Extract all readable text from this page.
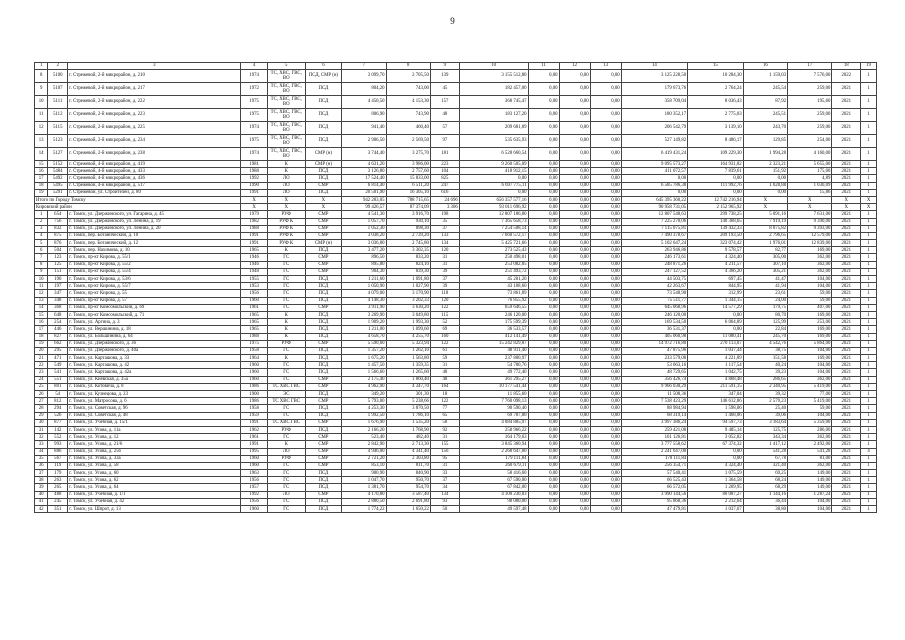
9
1	2	3	4	5	6	7	8	9	10	11	12	13	14	15	16	17	18	19
8	5100	г. Стрежевой, 2-й микрорайон, д. 210	1974	ТС, ХВС, ГВС, ВО	ПСД, СМР (н)	3 099,70	2 705,50	139	3 155 512,80	0,00	0,00	0,00	3 125 228,50	10 284,30	1 159,03	7 576,00	2022	1
9	5107	г. Стрежевой, 2-й микрорайон, д. 217	1972	ТС, ХВС, ГВС, ВО	ПСД	804,20	743,00	45	182 457,00	0,00	0,00	0,00	179 673,76	2 764,24	245,54	259,00	2021	1
10	5111	г. Стрежевой, 2-й микрорайон, д. 222	1975	ТС, ХВС, ГВС, ВО	ПСД	4 450,50	4 153,30	157	368 745,47	0,00	0,00	0,00	358 709,04	8 036,43	87,92	195,60	2021	1
11	5112	г. Стрежевой, 2-й микрорайон, д. 223	1975	ТС, ХВС, ГВС, ВО	ПСД	806,90	743,90	48	183 127,20	0,00	0,00	0,00	180 352,17	2 775,03	245,51	259,00	2021	1
12	5115	г. Стрежевой, 2-й микрорайон, д. 225	1974	ТС, ХВС, ГВС, ВО	ПСД	941,40	460,40	57	209 681,89	0,00	0,00	0,00	206 542,79	3 139,10	243,70	259,00	2021	1
13	5123	г. Стрежевой, 2-й микрорайон, д. 234	1975	ТС, ХВС, ГВС, ВО	ПСД	2 906,50	2 569,50	97	535 635,93	0,00	0,00	0,00	527 149,82	8 486,17	129,85	254,00	2021	1
14	5127	г. Стрежевой, 2-й микрорайон, д. 238	1974	ТС, ХВС, ГВС, ВО	СМР (н)	3 744,40	3 275,70	181	6 528 660,54	0,00	0,00	0,00	6 419 431,24	109 229,30	1 994,28	4 160,00	2021	1
15	5152	г. Стрежевой, 4-й микрорайон, д. 419	1981	К	СМР (н)	4 631,20	3 986,00	223	9 260 505,09	0,00	0,00	0,00	9 095 573,27	164 931,82	2 323,21	5 655,00	2021	1
16	5484	г. Стрежевой, 4-й микрорайон, д. 433	1988	К	ПСД	3 126,80	2 757,60	104	418 912,15	0,00	0,00	0,00	411 072,57	7 839,61	151,92	175,00	2021	1
17	5492	г. Стрежевой, 4-й микрорайон, д. 436	1992	ЛО	ПСД	17 524,40	15 833,00	825	0,00	0,00	0,00	0,00	0,00	0,00	0,00	4,89	2021	1
18	5495	г. Стрежевой, 4-й микрорайон, д. 517	1990	ЛО	СМР	6 814,40	6 511,20	247	6 697 775,11	0,00	0,00	0,00	6 585 786,38	111 992,76	1 028,88	1 030,09	2021	1
19	5291	г. Стрежевой, ул. Строителей, д. 80	1991	ЛО	ПСД	20 501,90	16 305,10	616	0,00	0,00	0,00	0,00	0,00	0,00	0,00	15,86	2021	1
Итого по Городу Томску			X	X	X	942 283,05	788 715,65	24 696	656 357 577,16	0,00	0,00	0,00	645 395 360,22	12 742 216,94	X	X	X	X
Кировский район			X	X	X	99 426,57	87 374,09	3 306	93 011 696,92	0,00	0,00	0,00	90 958 731,05	2 152 965,92	X	X	X	X
1	654	г. Томск, ул. Дзержинского, ул. Гагарина, д. 45	1979	РУФ	СМР	4 541,30	3 916,70	198	12 807 186,80	0,00	0,00	0,00	12 807 548,63	299 738,25	5 091,16	7 631,00	2021	1
2	756	г. Томск, ул. Дзержинского, ул. Ленина, д. 19	1982	РУФ К	СМР	1 057,70	930,10	35	7 365 658,73	0,00	0,00	0,00	7 225 270,06	140 368,65	7 919,19	9 390,00	2021	1
3	832	г. Томск, ул. Дзержинского, ул. Ленина, д. 20	1988	РУФ К	СМР	1 052,30	898,30	37	7 254 508,14	0,00	0,00	0,00	7 115 075,81	139 432,33	8 075,82	9 393,00	2021	1
4	875	г. Томск, пер. Ботанический, д. 10	1991	РУФ К	СМР	3 038,20	2 739,20	133	7 660 572,17	0,00	0,00	0,00	7 490 378,67	209 193,50	2 796,65	12 579,00	2021	1
5	876	г. Томск, пер. Ботанический, д. 12	1991	РУФ К	СМР (н)	3 036,80	2 745,80	134	5 425 721,66	0,00	0,00	0,00	5 102 647,24	323 074,42	1 976,01	12 839,00	2021	1
6	504	г. Томск, пер. Нахимова, д. 10	1965	К	ПСД	3 477,20	3 302,35	120	273 525,43	0,00	0,00	0,00	263 946,86	9 578,57	82,77	169,00	2021	1
7	123	г. Томск, пр-кт Кирова, д. 55/1	1946	ГС	СМР	896,50	833,20	31	250 498,01	0,00	0,00	0,00	246 173,61	4 324,40	305,00	362,00	2021	1
8	125	г. Томск, пр-кт Кирова, д. 55/2	1946	ГС	СМР	895,80	824,10	31	253 082,85	0,00	0,00	0,00	248 871,26	4 211,57	307,10	362,00	2021	1
9	151	г. Томск, пр-кт Кирова, д. 55/4	1948	ГС	СМР	904,30	839,30	39	251 493,72	0,00	0,00	0,00	247 127,52	4 366,20	305,21	362,00	2021	1
10	190	г. Томск, пр-кт Кирова, д. 53/6	1955	ГС	ПСД	1 211,60	1 091,80	37	45 201,20	0,00	0,00	0,00	44 503,75	697,45	41,47	104,00	2021	1
11	197	г. Томск, пр-кт Кирова, д. 55/7	1953	ГС	ПСД	1 050,90	1 027,90	39	43 108,60	0,00	0,00	0,00	42 263,67	844,95	41,94	104,00	2021	1
12	347	г. Томск, пр-кт Кирова, д. 55	1956	ГС	ПСД	4 079,00	3 170,90	118	73 861,89	0,00	0,00	0,00	73 548,90	312,99	23,61	59,00	2021	1
13	348	г. Томск, пр-кт Кирова, д. 57	1960	ГС	ПСД	4 148,30	3 202,33	120	76 855,92	0,00	0,00	0,00	75 511,77	1 344,15	24,00	59,00	2021	1
14	368	г. Томск, пр-кт Комсомольский, д. 69	1961	ГС	СМР	3 911,90	3 630,20	122	659 646,55	0,00	0,00	0,00	645 068,96	14 577,29	179,75	407,00	2021	1
15	648	г. Томск, пр-кт Комсомольский, д. 71	1965	К	ПСД	3 269,90	3 049,80	115	246 120,00	0,00	0,00	0,00	246 120,00	0,00	80,70	169,00	2021	1
16	254	г. Томск, ул. Аргина, д. 3	1965	К	ПСД	1 909,20	1 993,30	52	175 599,39	0,00	0,00	0,00	169 534,50	6 064,89	125,99	253,00	2021	1
17	446	г. Томск, ул. Вершинина, д. 18	1965	К	ПСД	1 211,00	1 099,60	69	36 533,57	0,00	0,00	0,00	36 531,37	0,00	22,84	169,00	2021	1
18	827	г. Томск, ул. Большинина, д. 64	1988	К	ПСД	4 658,70	4 255,70	160	412 141,49	0,00	0,00	0,00	405 060,98	11 080,41	245,70	169,00	2021	1
19	662	г. Томск, ул. Дзержинского, д. 36	1975	РУФ	СМР	5 590,60	5 323,94	122	15 242 829,87	0,00	0,00	0,00	14 972 716,80	270 113,07	4 542,76	5 864,00	2021	1
20	295	г. Томск, ул. Дзержинского, д. 40а	1958	ГС	ПСД	1 357,20	1 262,10	61	48 911,40	0,00	0,00	0,00	47 875,96	1 037,44	38,75	104,00	2021	1
21	471	г. Томск, ул. Карташова, д. 33	1964	К	ПСД	1 675,20	1 563,80	59	237 800,97	0,00	0,00	0,00	233 579,08	4 221,89	151,58	169,00	2021	1
22	549	г. Томск, ул. Карташова, д. 42	1960	ГС	ПСД	1 457,50	1 359,35	31	54 780,76	0,00	0,00	0,00	53 663,16	1 117,54	40,24	104,00	2021	1
23	541	г. Томск, ул. Карташова, д. 42а	1960	ГС	ПСД	1 566,60	1 265,60	48	49 772,40	0,00	0,00	0,00	48 729,65	1 042,75	39,23	104,00	2021	1
24	551	г. Томск, ул. Киевская, д. 35а	1960	ГС	СМР	2 175,40	1 860,40	48	361 295,27	0,00	0,00	0,00	356 426,74	4 868,48	286,65	362,00	2021	1
25	801	г. Томск, ул. Котовича, д. 8	1986	ТС ХВС ГВС	СМР	4 962,90	4 347,70	164	10 177 541,44	0,00	0,00	0,00	9 966 030,29	211 591,15	2 340,95	5 419,00	2021	1
26	54	г. Томск, ул. Кузнецова, д. 23	1900	ЭС	ПСД	349,20	301,30	18	11 855,60	0,00	0,00	0,00	11 508,36	347,04	39,32	77,00	2021	1
27	812	г. Томск, ул. Матросова, д. 6	1986	ТС ХВС ГВС	СМР	5 793,00	5 238,66	122	7 760 098,13	0,00	0,00	0,00	7 538 423,29	146 612,86	2 579,23	5 419,00	2021	1
28	294	г. Томск, ул. Советская, д. 96	1958	ГС	ПСД	4 253,30	3 870,50	77	90 590,40	0,00	0,00	0,00	88 984,94	1 598,06	25,40	59,00	2021	1
29	526	г. Томск, ул. Советская, д. 48	1959	ГС	ПСД	1 992,50	1 786,10	65	69 787,80	0,00	0,00	0,00	68 319,14	1 468,06	39,06	104,00	2021	1
30	877	г. Томск, ул. Учебная, д. 15/1	1991	ТС ХВС ГВС	СМР	1 676,90	1 535,20	58	4 084 885,97	0,00	0,00	0,00	3 997 386,24	94 597,73	3 183,64	5 359,00	2021	1
31	142	г. Томск, ул. Усова, д. 11а	1962	РУФ	ПСД	2 166,20	1 768,90	92	258 966,22	0,00	0,00	0,00	259 421,08	9 485,14	125,75	286,00	2021	1
32	552	г. Томск, ул. Усова, д. 12	1961	ГС	СМР	523,40	482,40	31	164 179,63	0,00	0,00	0,00	161 126,81	3 052,82	343,34	362,00	2021	1
33	993	г. Томск, ул. Усова, д. 21/6	1991	К	СМР	2 842,90	2 713,30	155	3 845 360,94	0,00	0,00	0,00	3 777 558,62	67 374,32	1 417,12	2 492,00	2021	1
34	886	г. Томск, ул. Усова, д. 25б	1995	ЛО	СМР	4 946,00	4 341,40	156	2 268 647,00	0,00	0,00	0,00	2 241 647,00	0,00	541,28	541,28	2021	4
35	567	г. Томск, ул. Усова, д. 33а	1960	РУФ	СМР	2 721,20	2 303,80	95	179 111,84	0,00	0,00	0,00	170 111,84	0,00	67,78	81,00	2021	1
36	119	г. Томск, ул. Усова, д. 58	1960	ГС	СМР	853,10	811,70	31	260 679,11	0,00	0,00	0,00	256 354,71	4 324,40	321,40	362,00	2021	1
37	179	г. Томск, ул. Усова, д. 60	1963	ГС	ПСД	900,90	840,90	33	58 416,60	0,00	0,00	0,00	57 540,41	1 075,59	69,25	149,00	2021	1
38	263	г. Томск, ул. Усова, д. 62	1956	ГС	ПСД	1 047,70	950,70	37	67 590,00	0,00	0,00	0,00	66 525,43	1 364,58	68,24	149,00	2021	1
39	265	г. Томск, ул. Усова, д. 64	1957	ГС	ПСД	1 381,70	954,70	34	67 842,00	0,00	0,00	0,00	66 572,05	1 269,95	68,29	149,00	2021	1
40	488	г. Томск, ул. Учебная, д. 1/1	1992	ЛО	СМР	4 170,80	3 587,40	134	4 100 230,83	0,00	0,00	0,00	3 990 144,56	80 087,27	1 144,16	1 287,24	2021	1
41	245	г. Томск, ул. Учебная, д. 42	1956	ГС	ПСД	2 880,50	2 691,80	93	98 080,00	0,00	0,00	0,00	95 868,36	2 212,64	36,44	104,00	2021	1
42	351	г. Томск, ул. Шпрот, д. 13	1960	ГС	ПСД	1 774,22	1 650,22	50	49 597,48	0,00	0,00	0,00	47 479,81	1 037,67	38,80	104,00	2021	1
